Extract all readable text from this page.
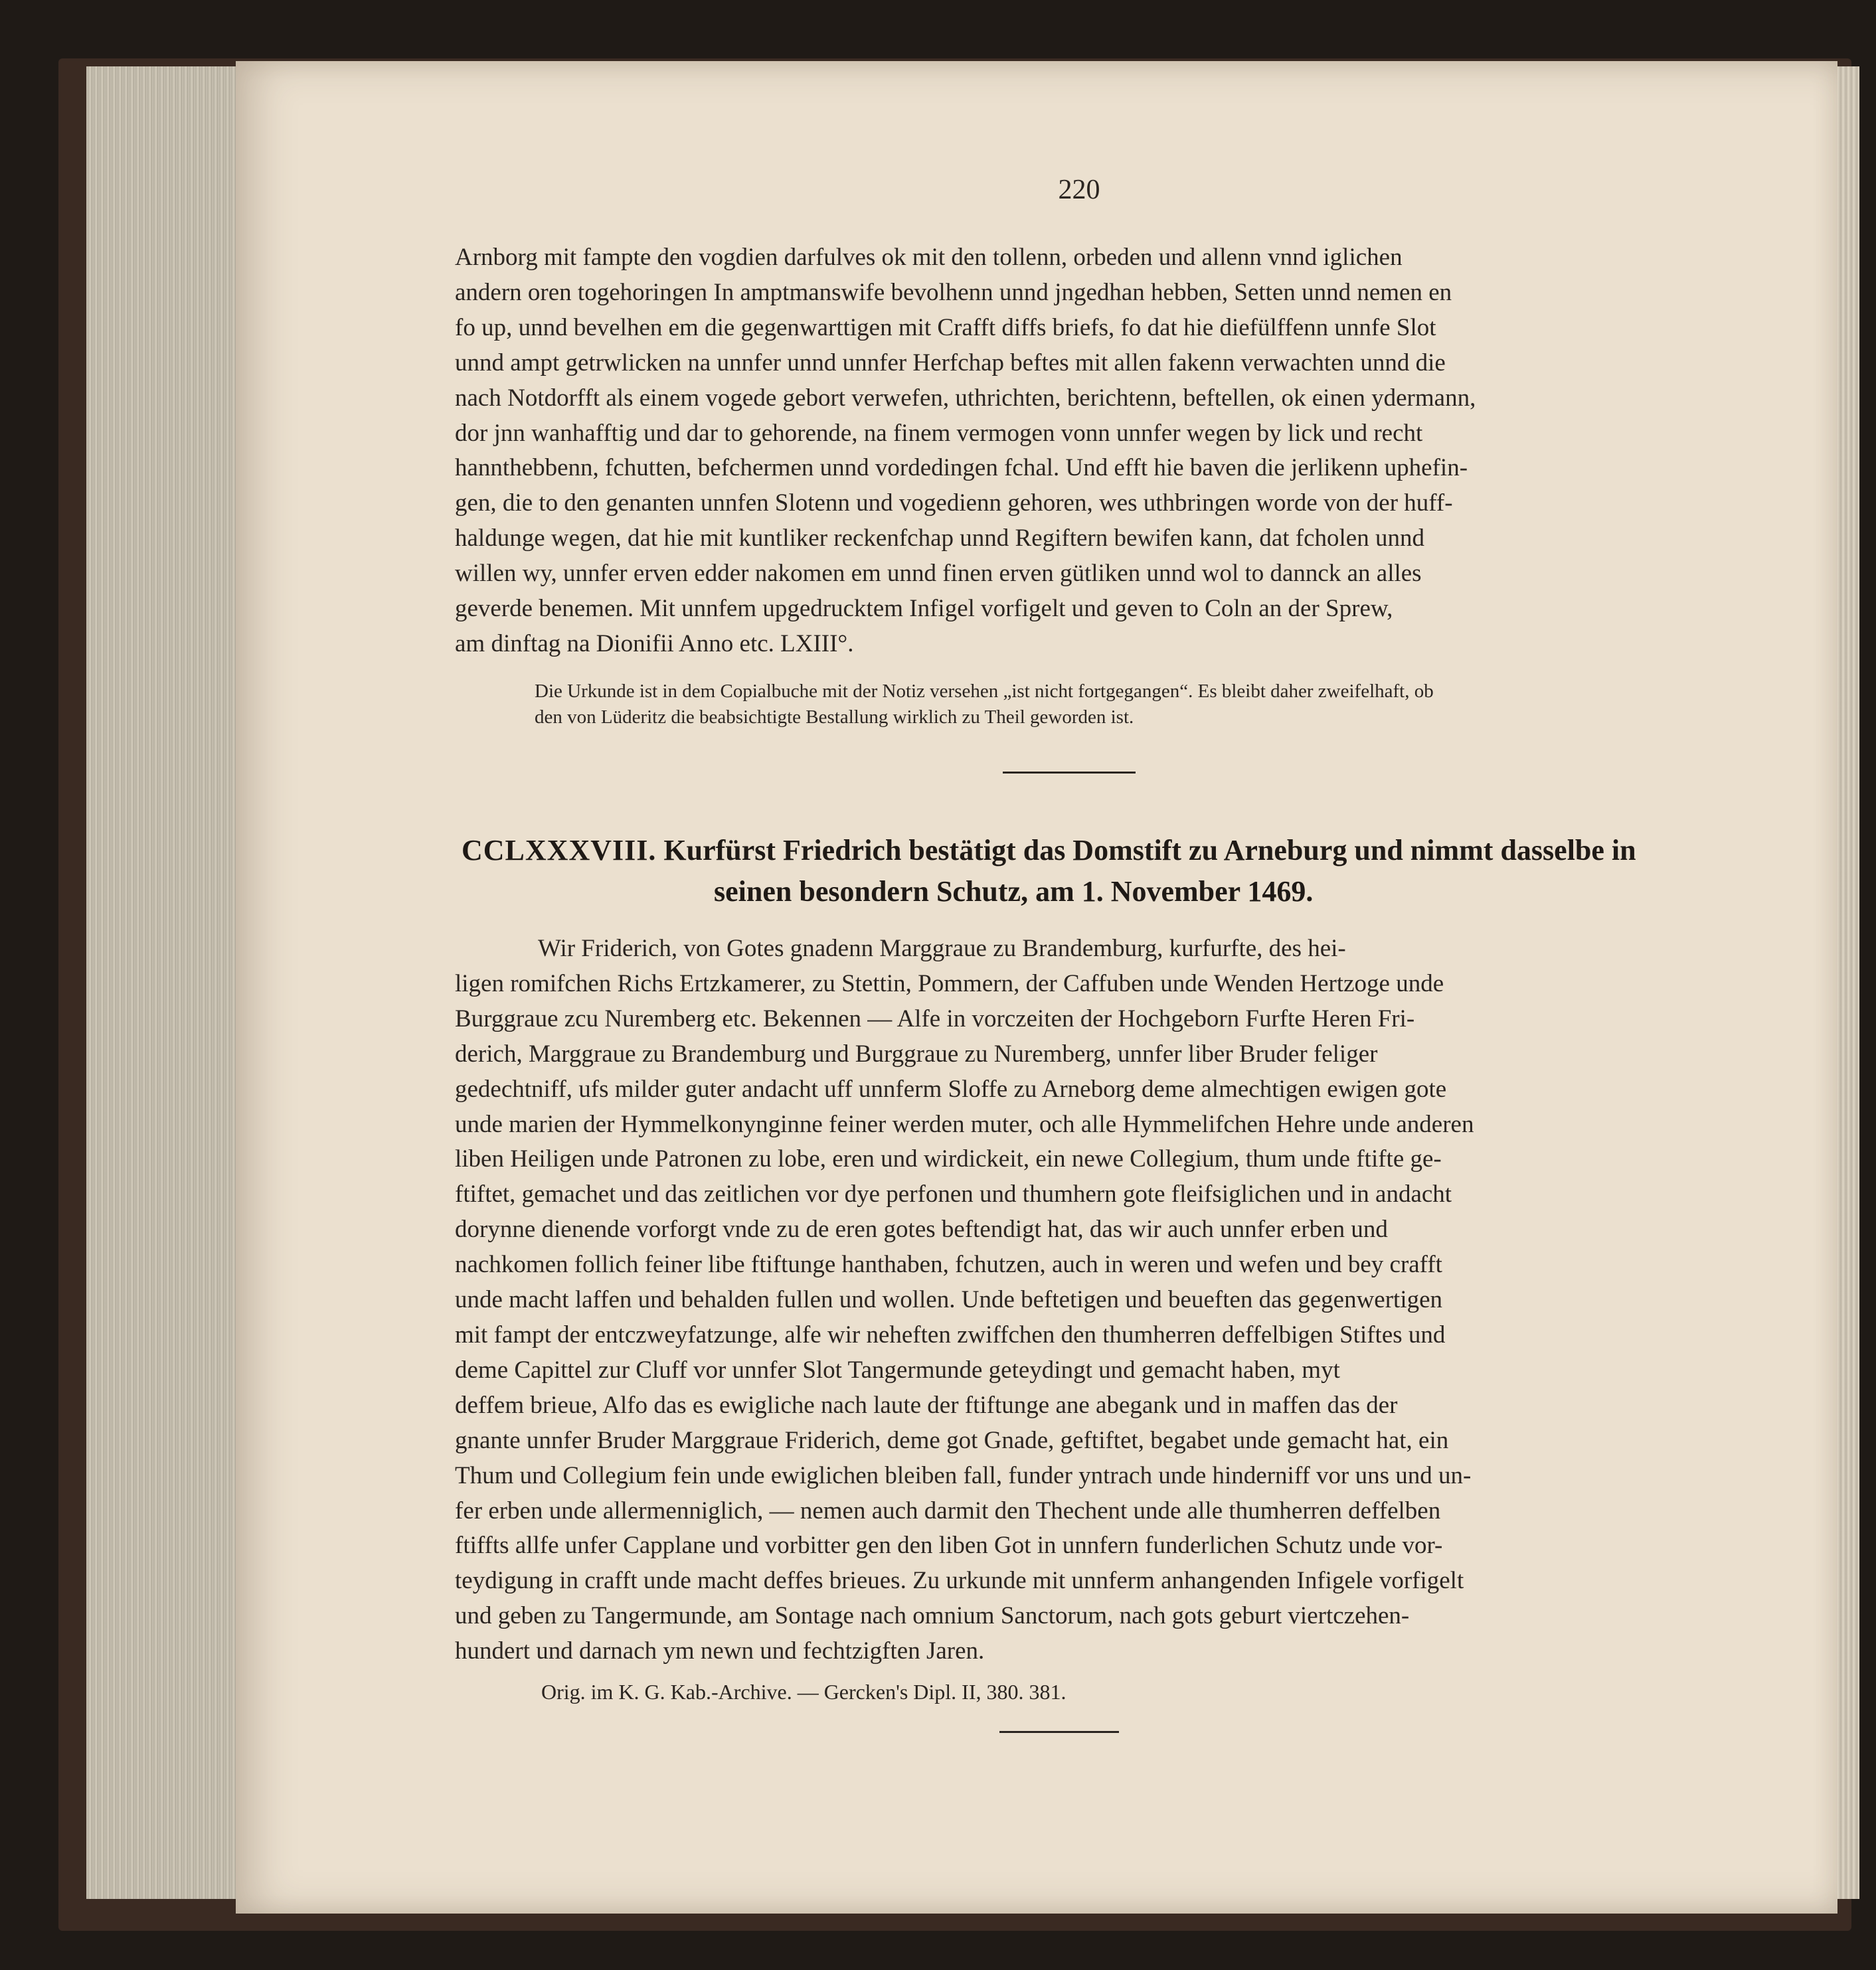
220
Arnborg mit fampte den vogdien darfulves ok mit den tollenn, orbeden und allenn vnnd iglichen
andern oren togehoringen In amptmanswife bevolhenn unnd jngedhan hebben, Setten unnd nemen en
fo up, unnd bevelhen em die gegenwarttigen mit Crafft diffs briefs, fo dat hie diefülffenn unnfe Slot
unnd ampt getrwlicken na unnfer unnd unnfer Herfchap beftes mit allen fakenn verwachten unnd die
nach Notdorfft als einem vogede gebort verwefen, uthrichten, berichtenn, beftellen, ok einen ydermann,
dor jnn wanhafftig und dar to gehorende, na finem vermogen vonn unnfer wegen by lick und recht
hannthebbenn, fchutten, befchermen unnd vordedingen fchal. Und efft hie baven die jerlikenn uphefin-
gen, die to den genanten unnfen Slotenn und vogedienn gehoren, wes uthbringen worde von der huff-
haldunge wegen, dat hie mit kuntliker reckenfchap unnd Regiftern bewifen kann, dat fcholen unnd
willen wy, unnfer erven edder nakomen em unnd finen erven gütliken unnd wol to dannck an alles
geverde benemen. Mit unnfem upgedrucktem Infigel vorfigelt und geven to Coln an der Sprew,
am dinftag na Dionifii Anno etc. LXIII°.
Die Urkunde ist in dem Copialbuche mit der Notiz versehen „ist nicht fortgegangen“. Es bleibt daher zweifelhaft, ob
den von Lüderitz die beabsichtigte Bestallung wirklich zu Theil geworden ist.
CCLXXXVIII. Kurfürst Friedrich bestätigt das Domstift zu Arneburg und nimmt dasselbe in
seinen besondern Schutz, am 1. November 1469.
Wir Friderich, von Gotes gnadenn Marggraue zu Brandemburg, kurfurfte, des hei-
ligen romifchen Richs Ertzkamerer, zu Stettin, Pommern, der Caffuben unde Wenden Hertzoge unde
Burggraue zcu Nuremberg etc. Bekennen — Alfe in vorczeiten der Hochgeborn Furfte Heren Fri-
derich, Marggraue zu Brandemburg und Burggraue zu Nuremberg, unnfer liber Bruder feliger
gedechtniff, ufs milder guter andacht uff unnferm Sloffe zu Arneborg deme almechtigen ewigen gote
unde marien der Hymmelkonynginne feiner werden muter, och alle Hymmelifchen Hehre unde anderen
liben Heiligen unde Patronen zu lobe, eren und wirdickeit, ein newe Collegium, thum unde ftifte ge-
ftiftet, gemachet und das zeitlichen vor dye perfonen und thumhern gote fleifsiglichen und in andacht
dorynne dienende vorforgt vnde zu de eren gotes beftendigt hat, das wir auch unnfer erben und
nachkomen follich feiner libe ftiftunge hanthaben, fchutzen, auch in weren und wefen und bey crafft
unde macht laffen und behalden fullen und wollen. Unde beftetigen und beueften das gegenwertigen
mit fampt der entczweyfatzunge, alfe wir neheften zwiffchen den thumherren deffelbigen Stiftes und
deme Capittel zur Cluff vor unnfer Slot Tangermunde geteydingt und gemacht haben, myt
deffem brieue, Alfo das es ewigliche nach laute der ftiftunge ane abegank und in maffen das der
gnante unnfer Bruder Marggraue Friderich, deme got Gnade, geftiftet, begabet unde gemacht hat, ein
Thum und Collegium fein unde ewiglichen bleiben fall, funder yntrach unde hinderniff vor uns und un-
fer erben unde allermenniglich, — nemen auch darmit den Thechent unde alle thumherren deffelben
ftiffts allfe unfer Capplane und vorbitter gen den liben Got in unnfern funderlichen Schutz unde vor-
teydigung in crafft unde macht deffes brieues. Zu urkunde mit unnferm anhangenden Infigele vorfigelt
und geben zu Tangermunde, am Sontage nach omnium Sanctorum, nach gots geburt viertczehen-
hundert und darnach ym newn und fechtzigften Jaren.
Orig. im K. G. Kab.-Archive. — Gercken's Dipl. II, 380. 381.
